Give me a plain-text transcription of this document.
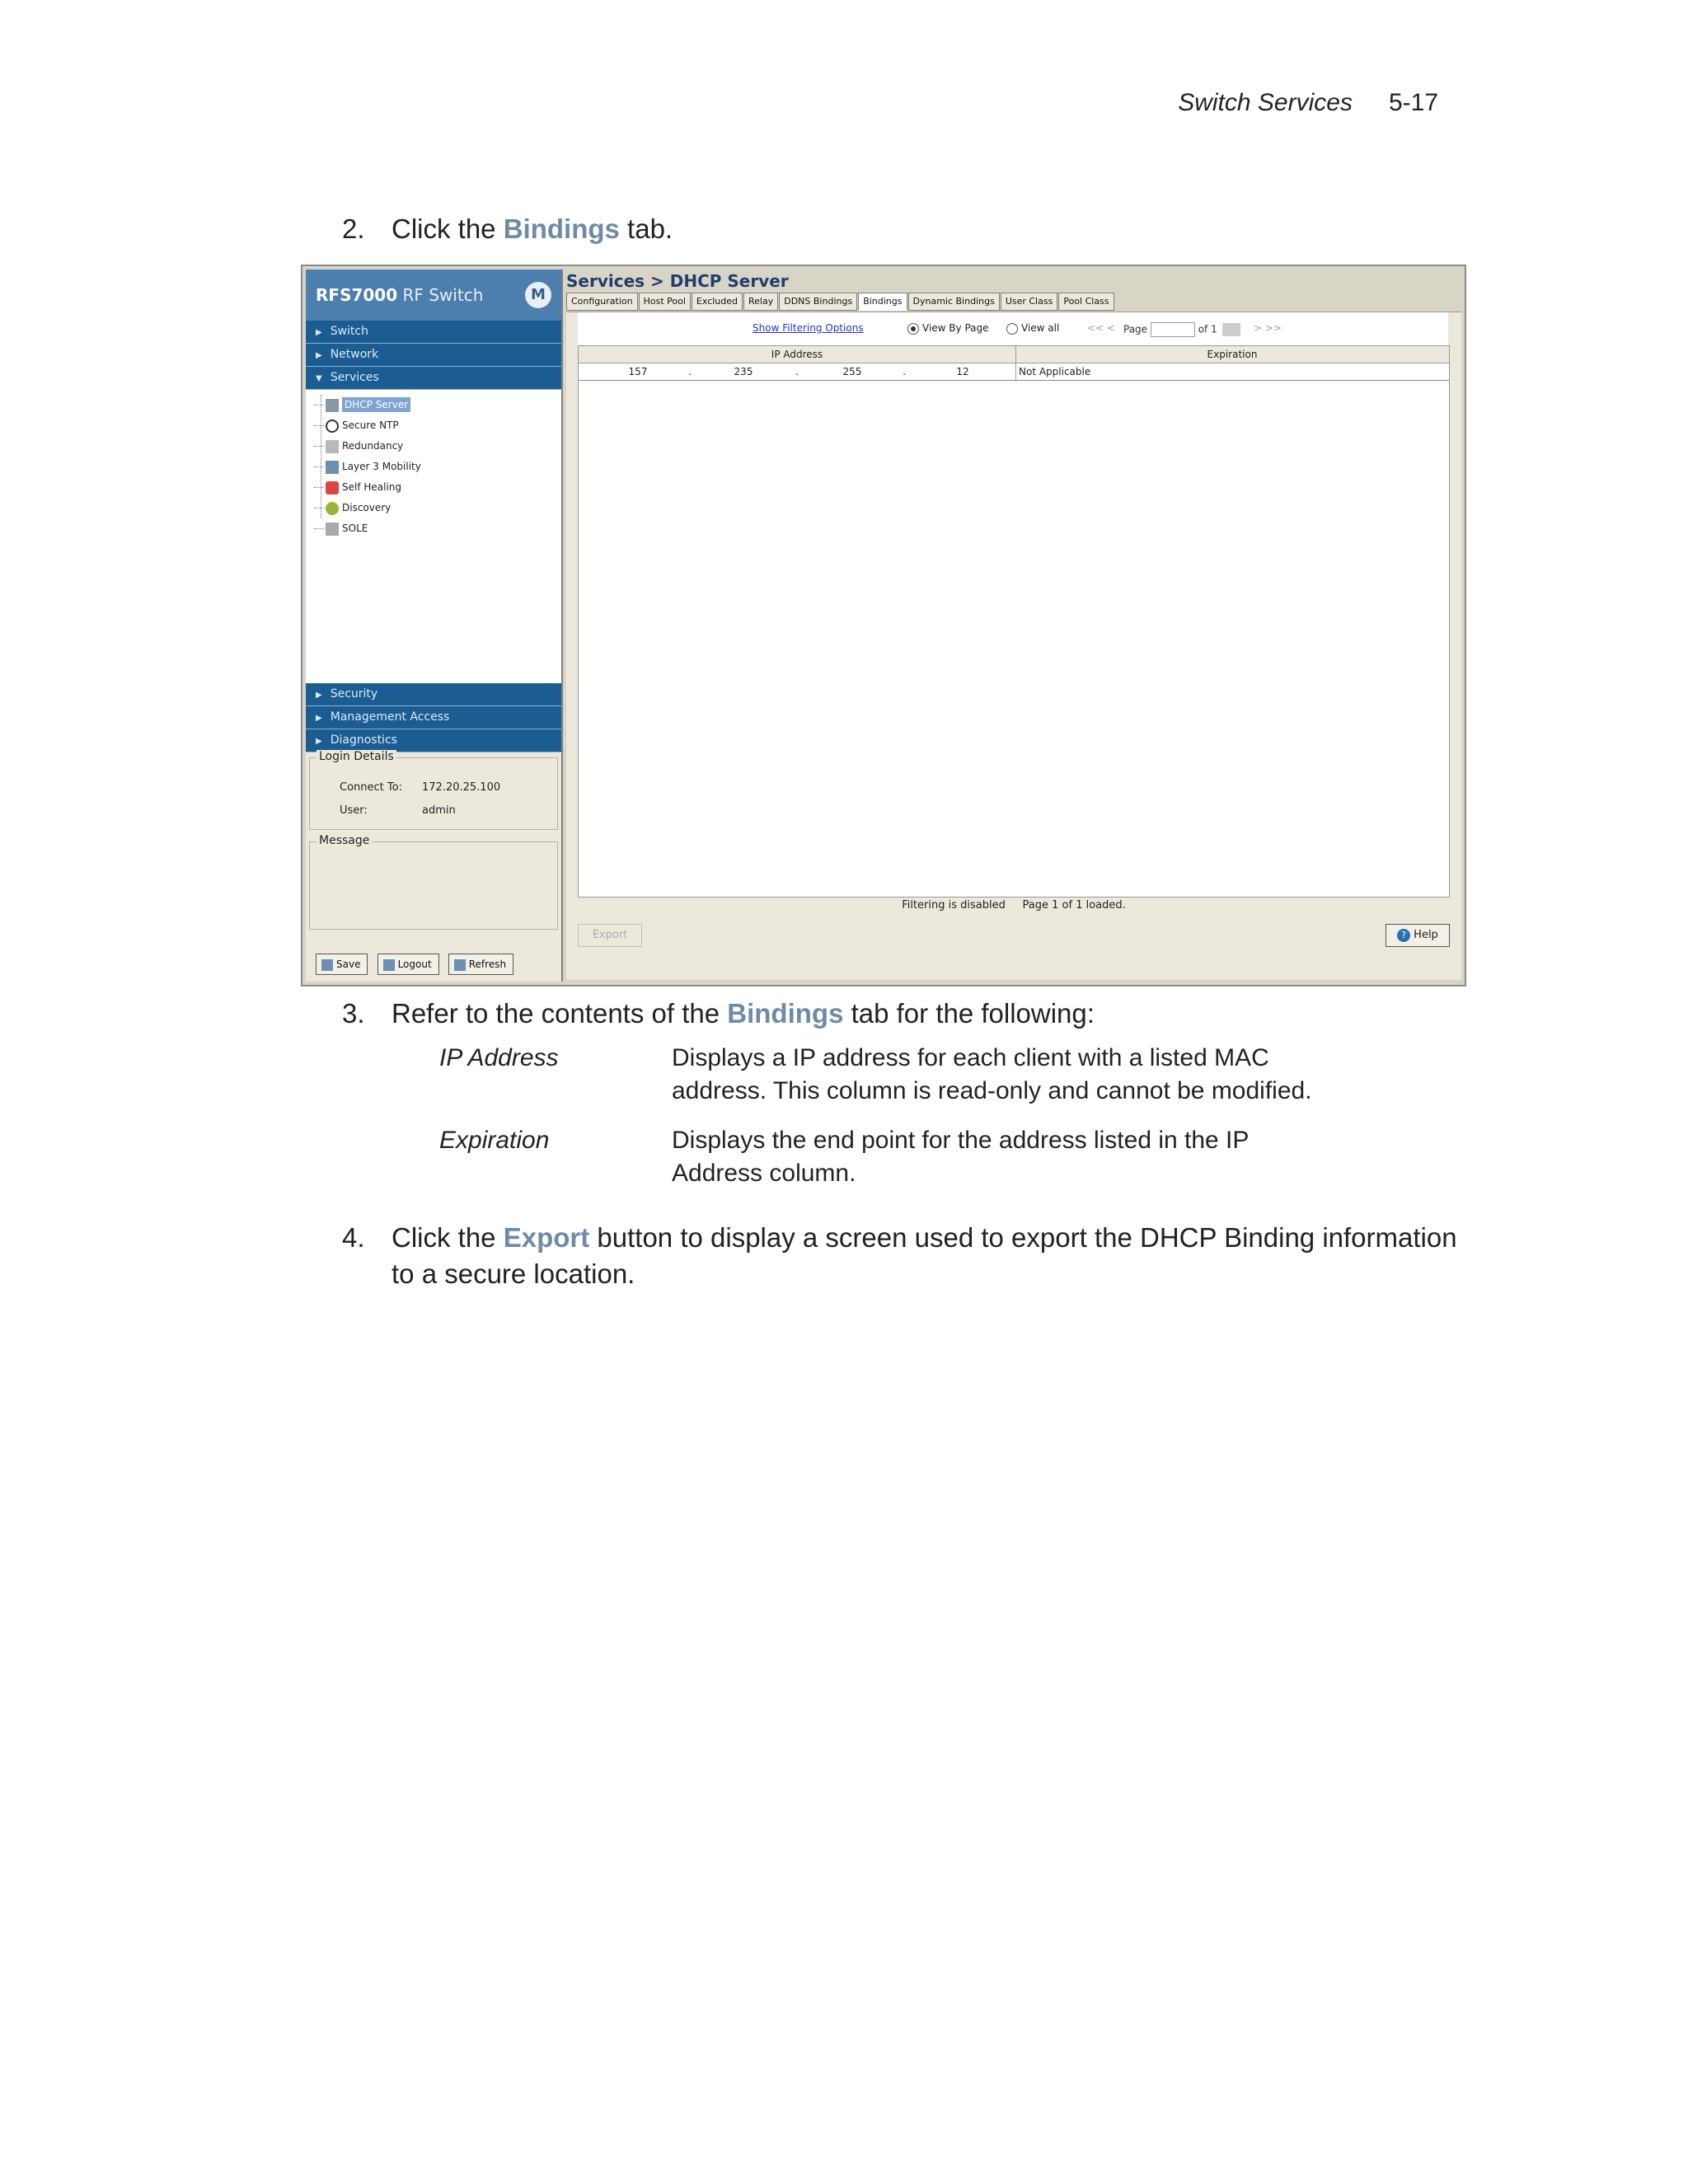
Switch Services 5-17
2. Click the Bindings tab.
RFS7000 RF Switch	M
▶ Switch
▶ Network
▼ Services
DHCP Server
Secure NTP
Redundancy
Layer 3 Mobility
Self Healing
Discovery
SOLE
▶ Security
▶ Management Access
▶ Diagnostics
Login Details
Connect To: 172.20.25.100
User:	admin
Message
Save	Logout	Refresh
Services > DHCP Server
Configuration Host Pool Excluded Relay DDNS Bindings Bindings Dynamic Bindings User Class Pool Class
Show Filtering Options	View By Page	View all	<< < Page	of 1	> >>
IP Address	Expiration
157	.	235	.	255	.	12	Not Applicable
Filtering is disabled     Page 1 of 1 loaded.
Export	? Help
3. Refer to the contents of the Bindings tab for the following:
IP Address	Displays a IP address for each client with a listed MAC address. This column is read-only and cannot be modified.
Expiration	Displays the end point for the address listed in the IP Address column.
4. Click the Export button to display a screen used to export the DHCP Binding information to a secure location.
